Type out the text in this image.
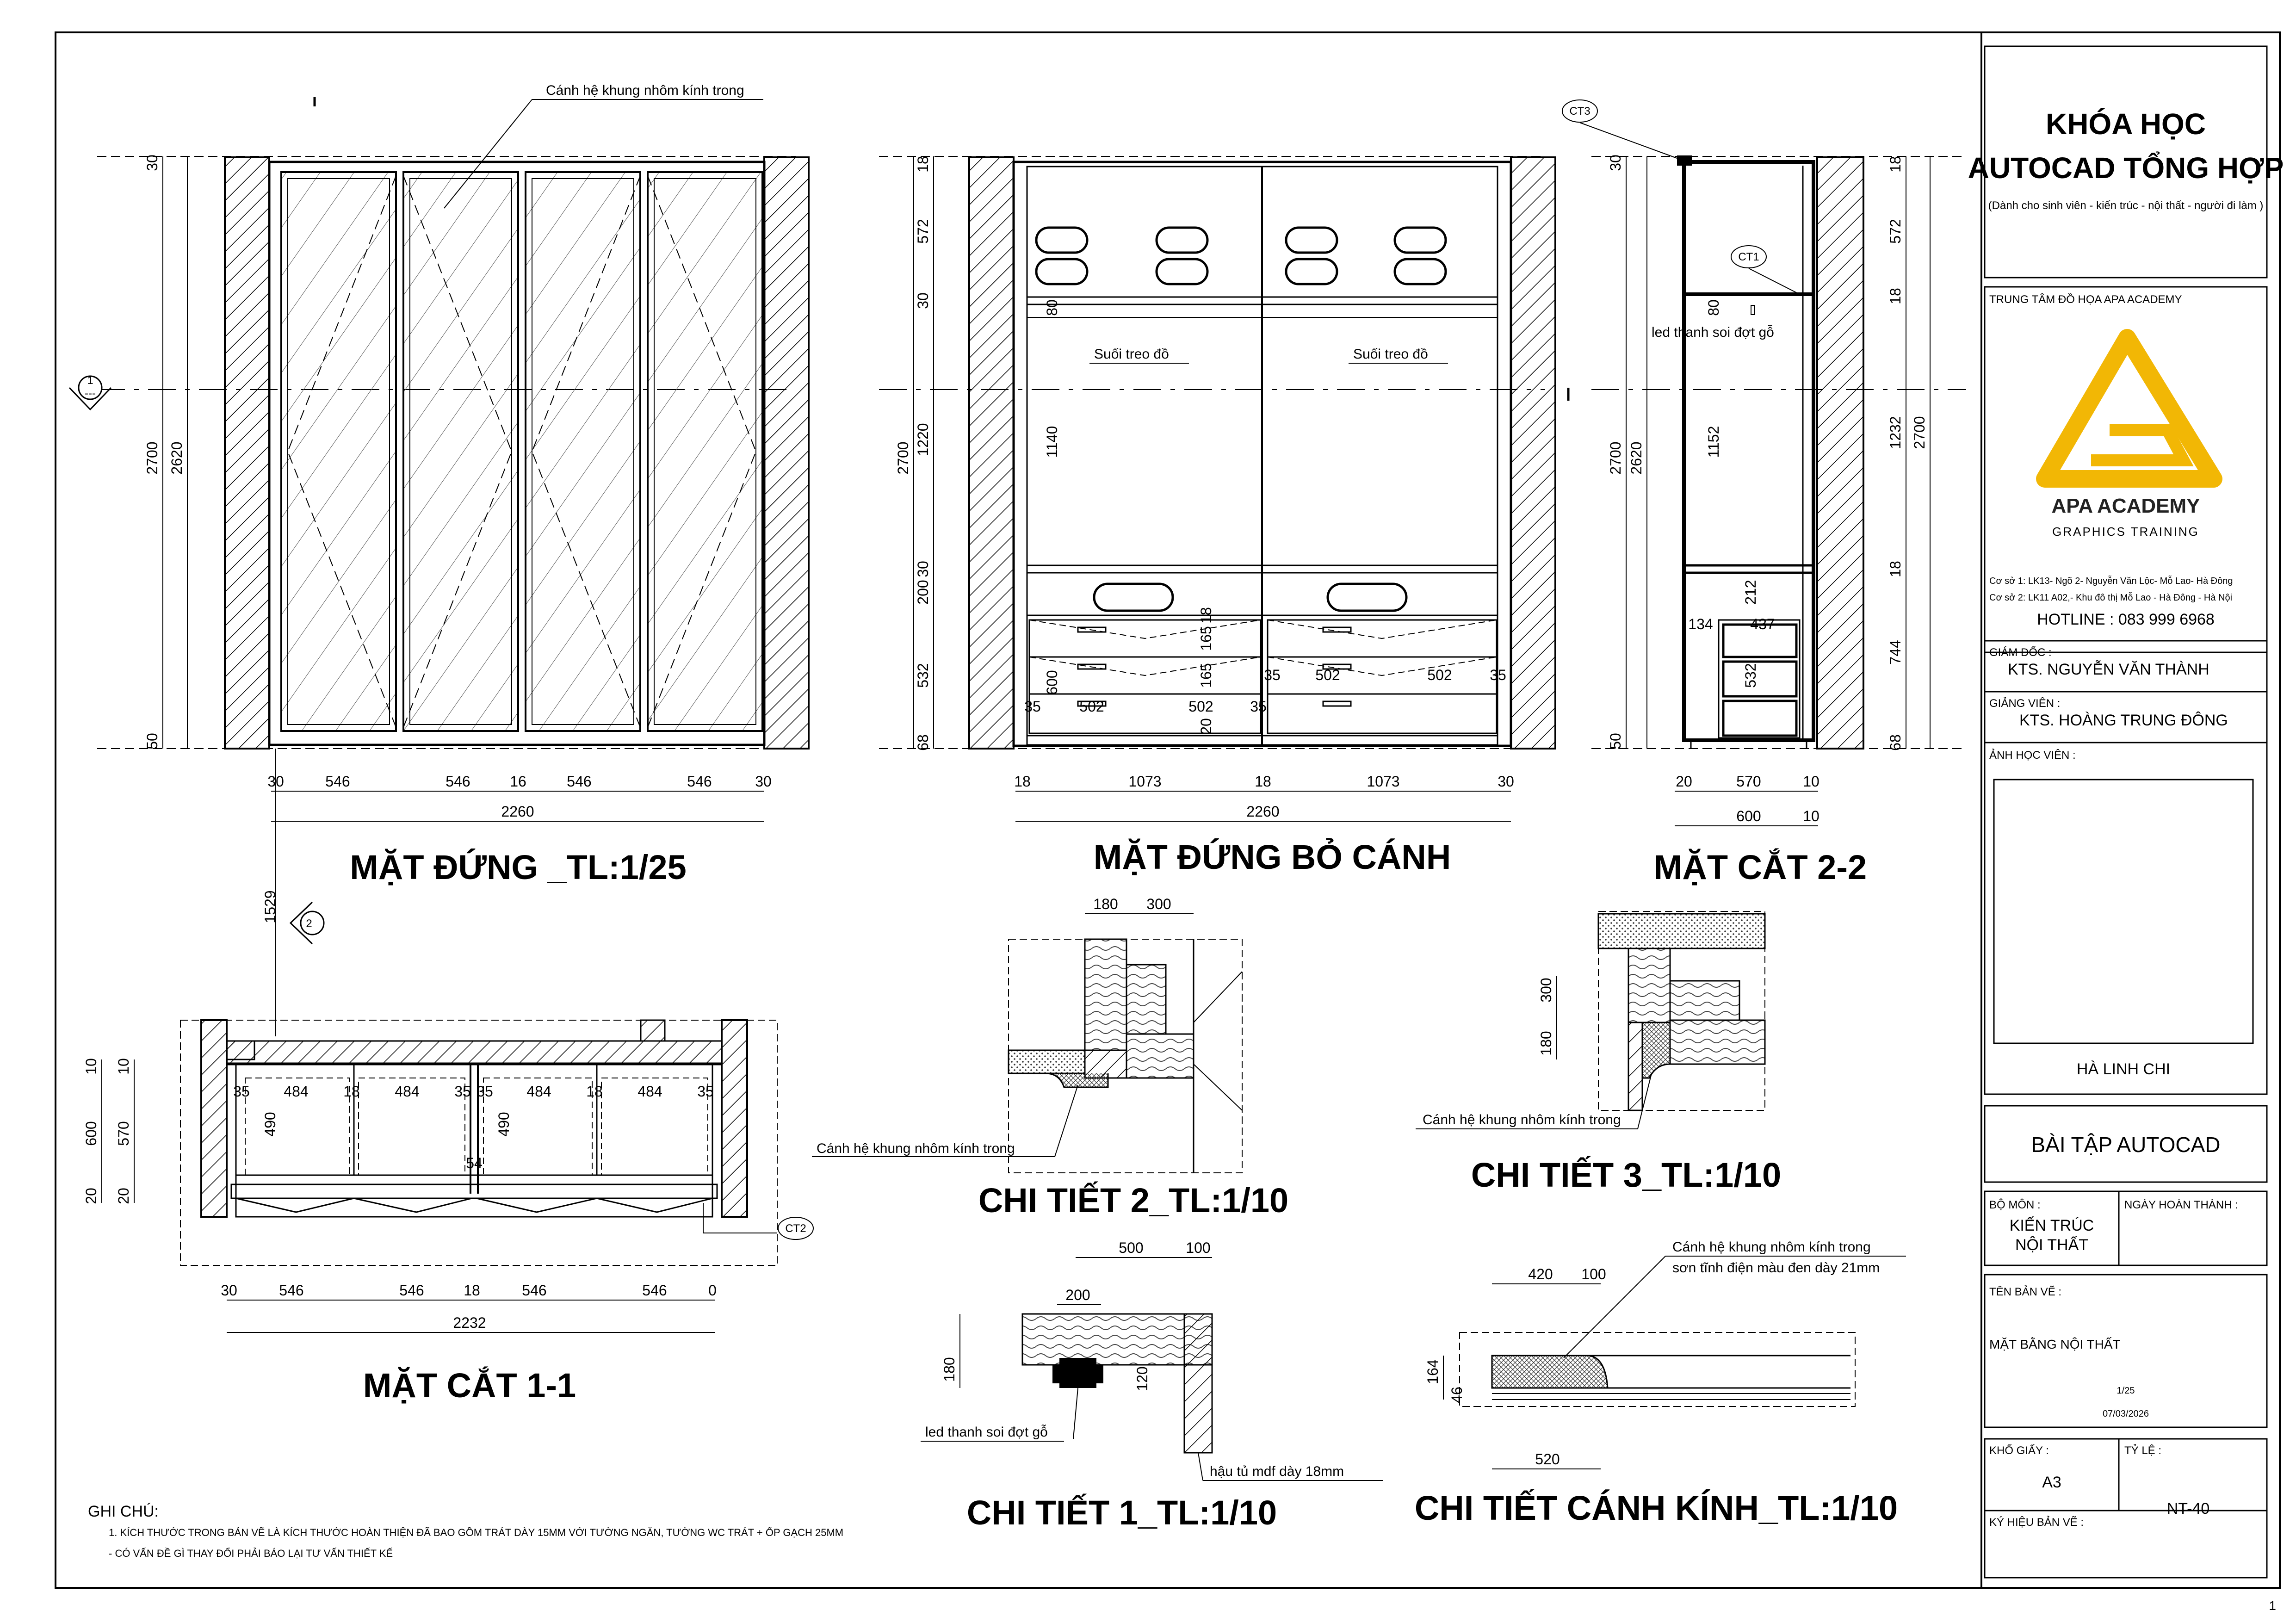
Cánh hệ khung nhôm kính trong
2700 2620
30
50
1
---
30	546	546	16	546	546	30
2260
MẶT ĐỨNG _TL:1/25
Suối treo đồ	Suối treo đồ
2700
18
572
30
1220
30
200
532
68
80
1140
600
35	502	502 35
165
165
18
20
35 502	502	35
18	1073	18	1073	30
2260
MẶT ĐỨNG BỎ CÁNH
led thanh soi đợt gỗ
CT3
CT1
2700 2620
30
50
80
1152
212
134	437
532
18
572
18
1232
18
744
68
2700
20	570	10
600	10
MẶT CẮT 2-2
CT2
2
1529
35 484 18 484 35 35 484 18 484 35
490	490
54
10
600
20
10
570
20
30	546	546	18	546	546	0
2232
MẶT CẮT 1-1
180 300
Cánh hệ khung nhôm kính trong
CHI TIẾT 2_TL:1/10
300
180
Cánh hệ khung nhôm kính trong
CHI TIẾT 3_TL:1/10
led thanh soi đợt gỗ
hậu tủ mdf dày 18mm
500	100
200
180	120
CHI TIẾT 1_TL:1/10
Cánh hệ khung nhôm kính trong
sơn tĩnh điện màu đen dày 21mm
420 100
164
46
520
CHI TIẾT CÁNH KÍNH_TL:1/10
GHI CHÚ:
1. KÍCH THƯỚC TRONG BẢN VẼ LÀ KÍCH THƯỚC HOÀN THIỆN ĐÃ BAO GỒM TRÁT DÀY 15MM VỚI TƯỜNG NGĂN, TƯỜNG WC TRÁT + ỐP GẠCH 25MM
- CÓ VẤN ĐỀ GÌ THAY ĐỔI PHẢI BÁO LẠI TƯ VẤN THIẾT KẾ
KHÓA HỌC
AUTOCAD TỔNG HỢP
(Dành cho sinh viên - kiến trúc - nội thất - người đi làm )
TRUNG TÂM ĐỒ HỌA APA ACADEMY
APA ACADEMY
GRAPHICS TRAINING
Cơ sở 1: LK13- Ngõ 2- Nguyễn Văn Lộc- Mỗ Lao- Hà Đông
Cơ sở 2: LK11 A02,- Khu đô thị Mỗ Lao - Hà Đông - Hà Nội
HOTLINE : 083 999 6968
GIÁM ĐỐC :
KTS. NGUYỄN VĂN THÀNH
GIẢNG VIÊN :
KTS. HOÀNG TRUNG ĐÔNG
ẢNH HỌC VIÊN :
HÀ LINH CHI
BÀI TẬP AUTOCAD
BỘ MÔN :
KIẾN TRÚC
NỘI THẤT
NGÀY HOÀN THÀNH :
TÊN BẢN VẼ :
MẶT BẰNG NỘI THẤT
1/25
07/03/2026
KHỔ GIẤY :
A3
TỶ LỆ :
NT-40
KÝ HIỆU BẢN VẼ :
1
